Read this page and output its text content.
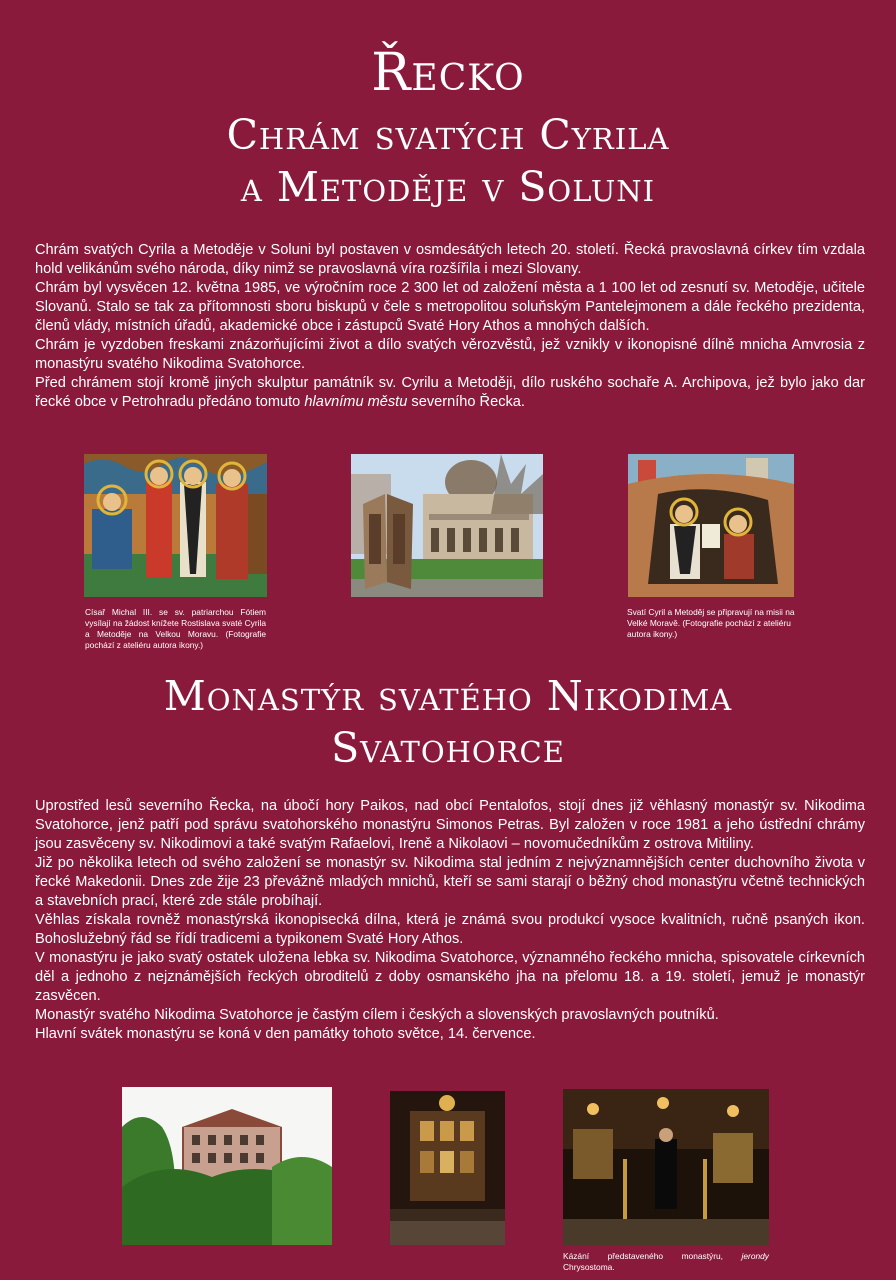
Řecko
Chrám svatých Cyrila
a Metoděje v Soluni

Chrám svatých Cyrila a Metoděje v Soluni byl postaven v osmdesátých letech 20. století. Řecká pravoslavná církev tím vzdala hold velikánům svého národa, díky nimž se pravoslavná víra rozšířila i mezi Slovany.

Chrám byl vysvěcen 12. května 1985, ve výročním roce 2 300 let od založení města a 1 100 let od zesnutí sv. Metoděje, učitele Slovanů. Stalo se tak za přítomnosti sboru biskupů v čele s metropolitou soluňským Pantelejmonem a dále řeckého prezidenta, členů vlády, místních úřadů, akademické obce i zástupců Svaté Hory Athos a mnohých dalších.

Chrám je vyzdoben freskami znázorňujícími život a dílo svatých věrozvěstů, jež vznikly v ikonopisné dílně mnicha Amvrosia z monastýru svatého Nikodima Svatohorce.

Před chrámem stojí kromě jiných skulptur památník sv. Cyrilu a Metoději, dílo ruského sochaře A. Archipova, jež bylo jako dar řecké obce v Petrohradu předáno tomuto hlavnímu městu severního Řecka.

Císař Michal III. se sv. patriarchou Fótiem vysílají na žádost knížete Rostislava svaté Cyrila a Metoděje na Velkou Moravu. (Fotografie pochází z ateliéru autora ikony.)

Svatí Cyril a Metoděj se připravují na misii na Velké Moravě. (Fotografie pochází z ateliéru autora ikony.)

Monastýr svatého Nikodima
Svatohorce

Uprostřed lesů severního Řecka, na úbočí hory Paikos, nad obcí Pentalofos, stojí dnes již věhlasný monastýr sv. Nikodima Svatohorce, jenž patří pod správu svatohorského monastýru Simonos Petras. Byl založen v roce 1981 a jeho ústřední chrámy jsou zasvěceny sv. Nikodimovi a také svatým Rafaelovi, Ireně a Nikolaovi – novomučedníkům z ostrova Mitiliny.

Již po několika letech od svého založení se monastýr sv. Nikodima stal jedním z nejvýznamnějších center duchovního života v řecké Makedonii. Dnes zde žije 23 převážně mladých mnichů, kteří se sami starají o běžný chod monastýru včetně technických a stavebních prací, které zde stále probíhají.

Věhlas získala rovněž monastýrská ikonopisecká dílna, která je známá svou produkcí vysoce kvalitních, ručně psaných ikon. Bohoslužebný řád se řídí tradicemi a typikonem Svaté Hory Athos.

V monastýru je jako svatý ostatek uložena lebka sv. Nikodima Svatohorce, významného řeckého mnicha, spisovatele církevních děl a jednoho z nejznámějších řeckých obroditelů z doby osmanského jha na přelomu 18. a 19. století, jemuž je monastýr zasvěcen.

Monastýr svatého Nikodima Svatohorce je častým cílem i českých a slovenských pravoslavných poutníků.

Hlavní svátek monastýru se koná v den památky tohoto světce, 14. července.

Kázání představeného monastýru, jerondy Chrysostoma.
